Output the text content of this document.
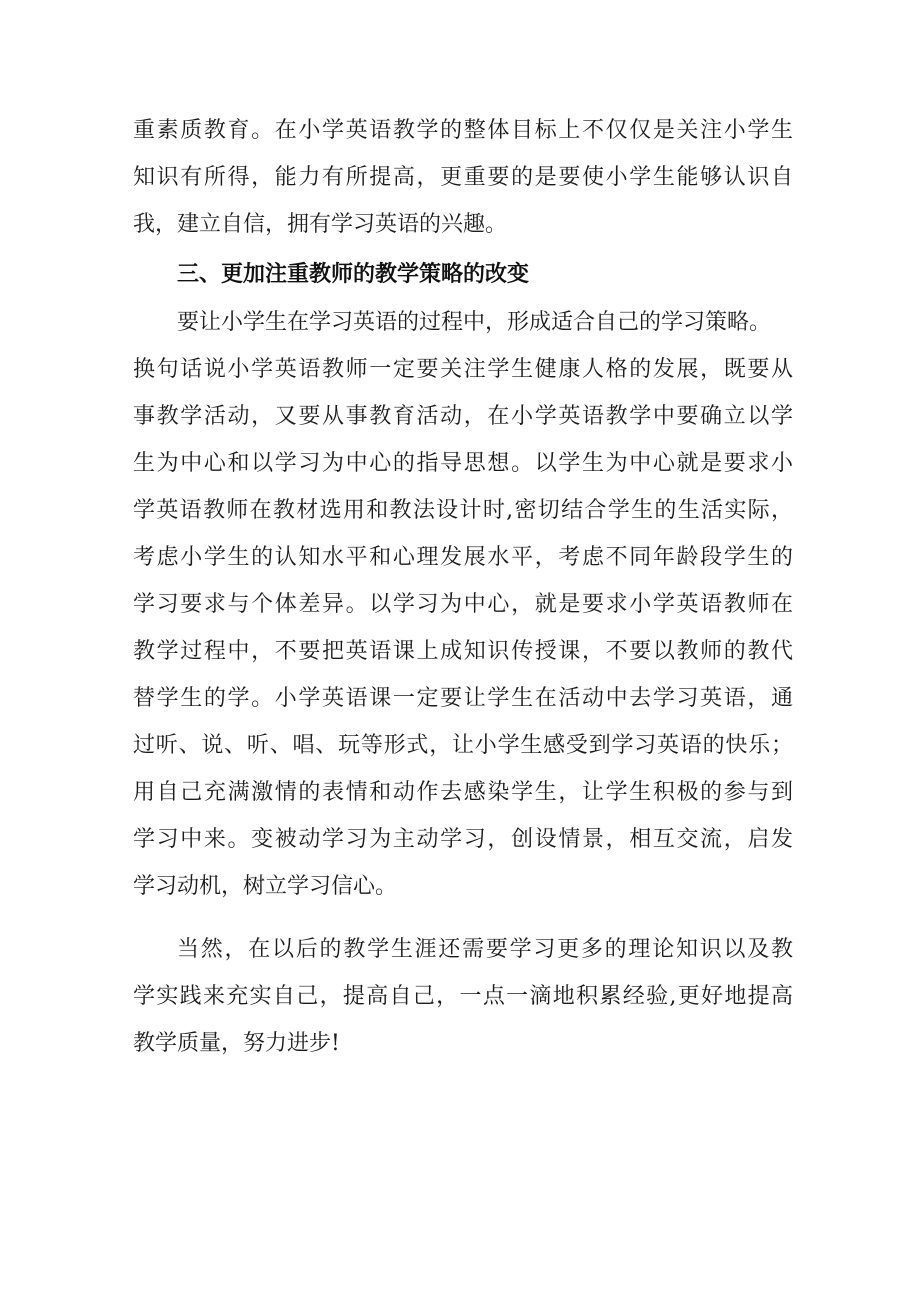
重素质教育。在小学英语教学的整体目标上不仅仅是关注小学生
知识有所得，能力有所提高，更重要的是要使小学生能够认识自
我，建立自信，拥有学习英语的兴趣。
三、更加注重教师的教学策略的改变
要让小学生在学习英语的过程中，形成适合自己的学习策略。
换句话说小学英语教师一定要关注学生健康人格的发展，既要从
事教学活动，又要从事教育活动，在小学英语教学中要确立以学
生为中心和以学习为中心的指导思想。以学生为中心就是要求小
学英语教师在教材选用和教法设计时,密切结合学生的生活实际，
考虑小学生的认知水平和心理发展水平，考虑不同年龄段学生的
学习要求与个体差异。以学习为中心，就是要求小学英语教师在
教学过程中，不要把英语课上成知识传授课，不要以教师的教代
替学生的学。小学英语课一定要让学生在活动中去学习英语，通
过听、说、听、唱、玩等形式，让小学生感受到学习英语的快乐；
用自己充满激情的表情和动作去感染学生，让学生积极的参与到
学习中来。变被动学习为主动学习，创设情景，相互交流，启发
学习动机，树立学习信心。
当然，在以后的教学生涯还需要学习更多的理论知识以及教
学实践来充实自己，提高自己，一点一滴地积累经验,更好地提高
教学质量，努力进步!
